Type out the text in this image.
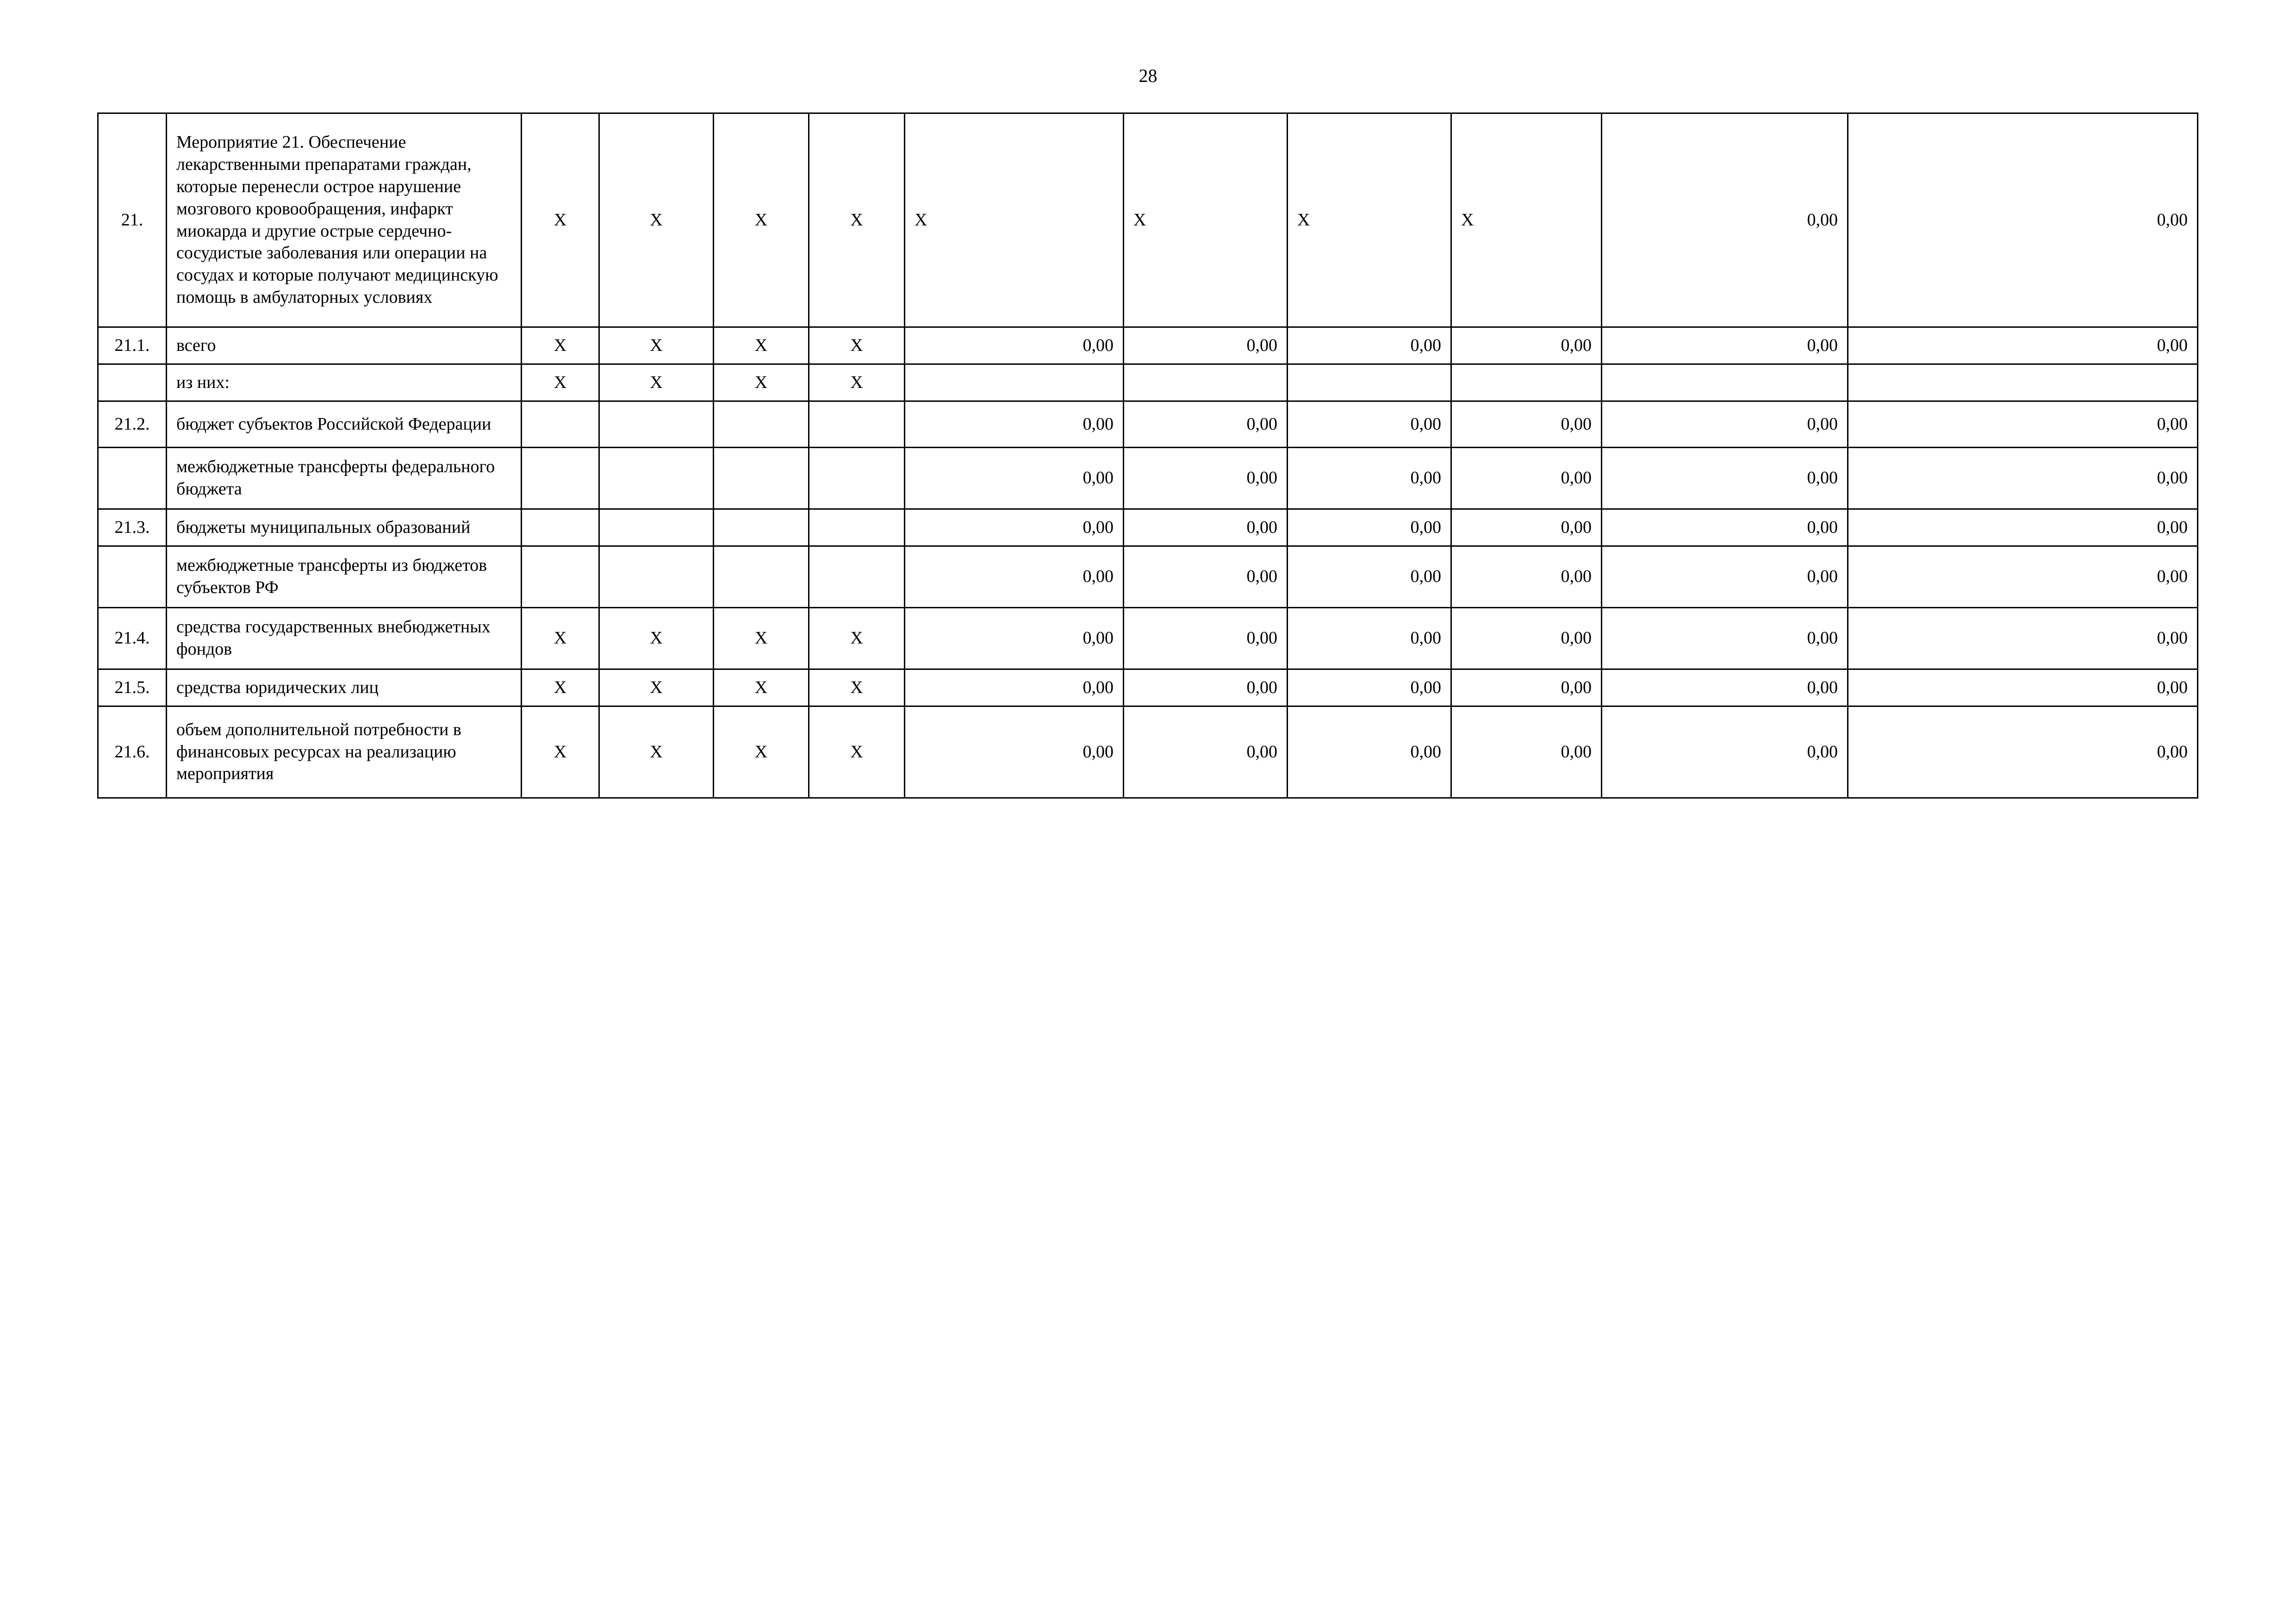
28
21.	Мероприятие 21. Обеспечение лекарственными препаратами граждан, которые перенесли острое нарушение мозгового кровообращения, инфаркт миокарда и другие острые сердечно-сосудистые заболевания или операции на сосудах и которые получают медицинскую помощь в амбулаторных условиях	X	X	X	X	X	X	X	X	0,00	0,00
21.1.	всего	X	X	X	X	0,00	0,00	0,00	0,00	0,00	0,00
	из них:	X	X	X	X						
21.2.	бюджет субъектов Российской Федерации					0,00	0,00	0,00	0,00	0,00	0,00
	межбюджетные трансферты федерального бюджета					0,00	0,00	0,00	0,00	0,00	0,00
21.3.	бюджеты муниципальных образований					0,00	0,00	0,00	0,00	0,00	0,00
	межбюджетные трансферты из бюджетов субъектов РФ					0,00	0,00	0,00	0,00	0,00	0,00
21.4.	средства государственных внебюджетных фондов	X	X	X	X	0,00	0,00	0,00	0,00	0,00	0,00
21.5.	средства юридических лиц	X	X	X	X	0,00	0,00	0,00	0,00	0,00	0,00
21.6.	объем дополнительной потребности в финансовых ресурсах на реализацию мероприятия	X	X	X	X	0,00	0,00	0,00	0,00	0,00	0,00
